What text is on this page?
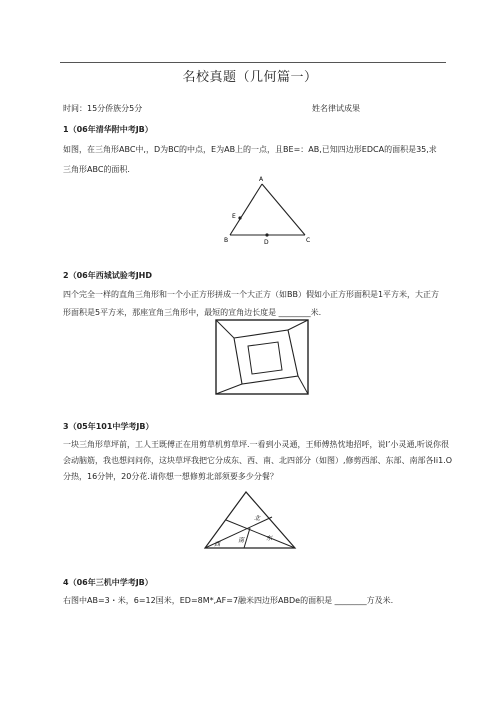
名校真题（几何篇一）
时间：15分侨族分5分	姓名律试成果
1（06年清华附中考JB）
如图，在三角形ABC中,，D为BC的中点，E为AB上的一点，且BE=：AB,已知四边形EDCA的面积是35,求
三角形ABC的面积.
A
E
B	D	C
2（06年西城试验考JHD
四个完全一样的直角三角形和一个小正方形拼成一个大正方（如BB）假如小正方形面积是1平方米，大正方
形面积是5平方米，那座宣角三角形中，最短的宣角边长度是 ________米.
3（05年101中学考JB）
一块三角形草坪前，工人王既傅正在用剪草机剪草坪.一看到小灵通，王师傅热忱地招呼，说I’小灵通,听说你很
会动脑筋，我也想问问你，这块草坪我把它分成东、西、南、北四部分（如图）,修剪西部、东部、南部各Ii1.O
分热，16分钟，20分花.请你想一想修剪北部须要多少分餐？
北
西
南	东
4（06年三机中学考JB）
右图中AB=3・米，6=12国米，ED=8M*,AF=7融米四边形ABDe的面积是 ________方及米.
